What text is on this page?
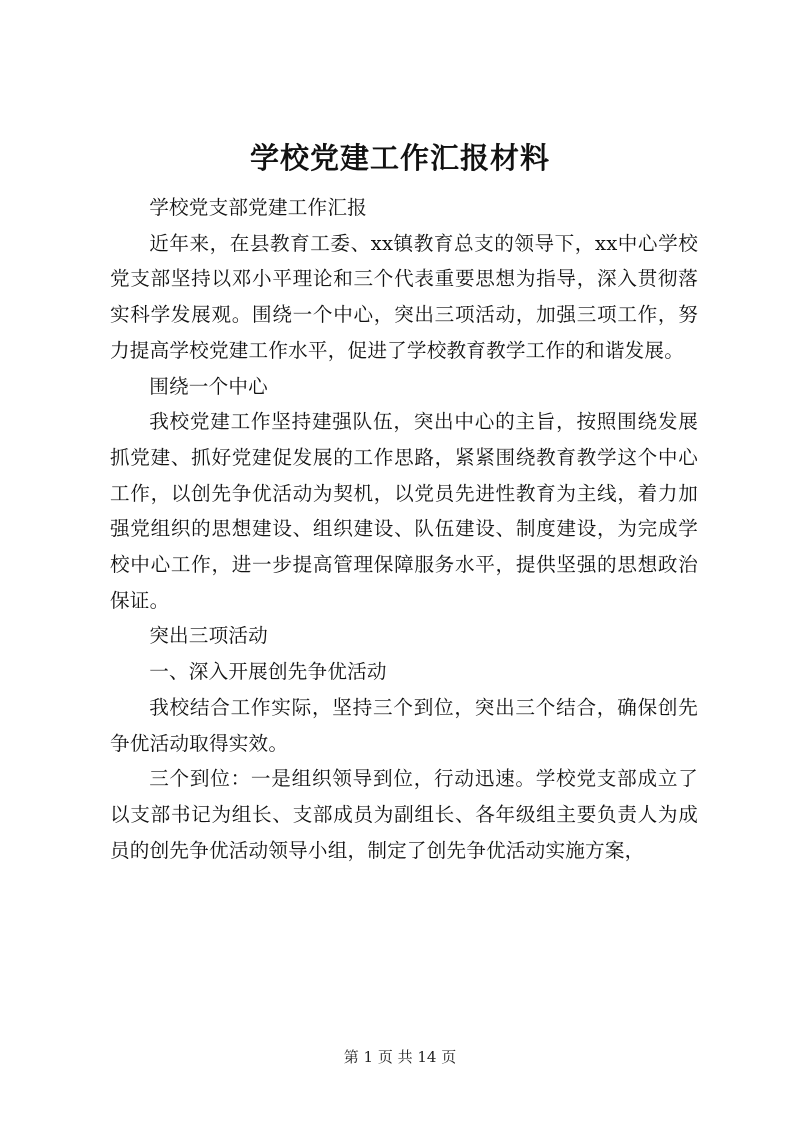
学校党建工作汇报材料

学校党支部党建工作汇报

近年来，在县教育工委、xx镇教育总支的领导下，xx中心学校党支部坚持以邓小平理论和三个代表重要思想为指导，深入贯彻落实科学发展观。围绕一个中心，突出三项活动，加强三项工作，努力提高学校党建工作水平，促进了学校教育教学工作的和谐发展。

围绕一个中心

我校党建工作坚持建强队伍，突出中心的主旨，按照围绕发展抓党建、抓好党建促发展的工作思路，紧紧围绕教育教学这个中心工作，以创先争优活动为契机，以党员先进性教育为主线，着力加强党组织的思想建设、组织建设、队伍建设、制度建设，为完成学校中心工作，进一步提高管理保障服务水平，提供坚强的思想政治保证。

突出三项活动

一、深入开展创先争优活动

我校结合工作实际，坚持三个到位，突出三个结合，确保创先争优活动取得实效。

三个到位：一是组织领导到位，行动迅速。学校党支部成立了以支部书记为组长、支部成员为副组长、各年级组主要负责人为成员的创先争优活动领导小组，制定了创先争优活动实施方案，

第 1 页 共 14 页
